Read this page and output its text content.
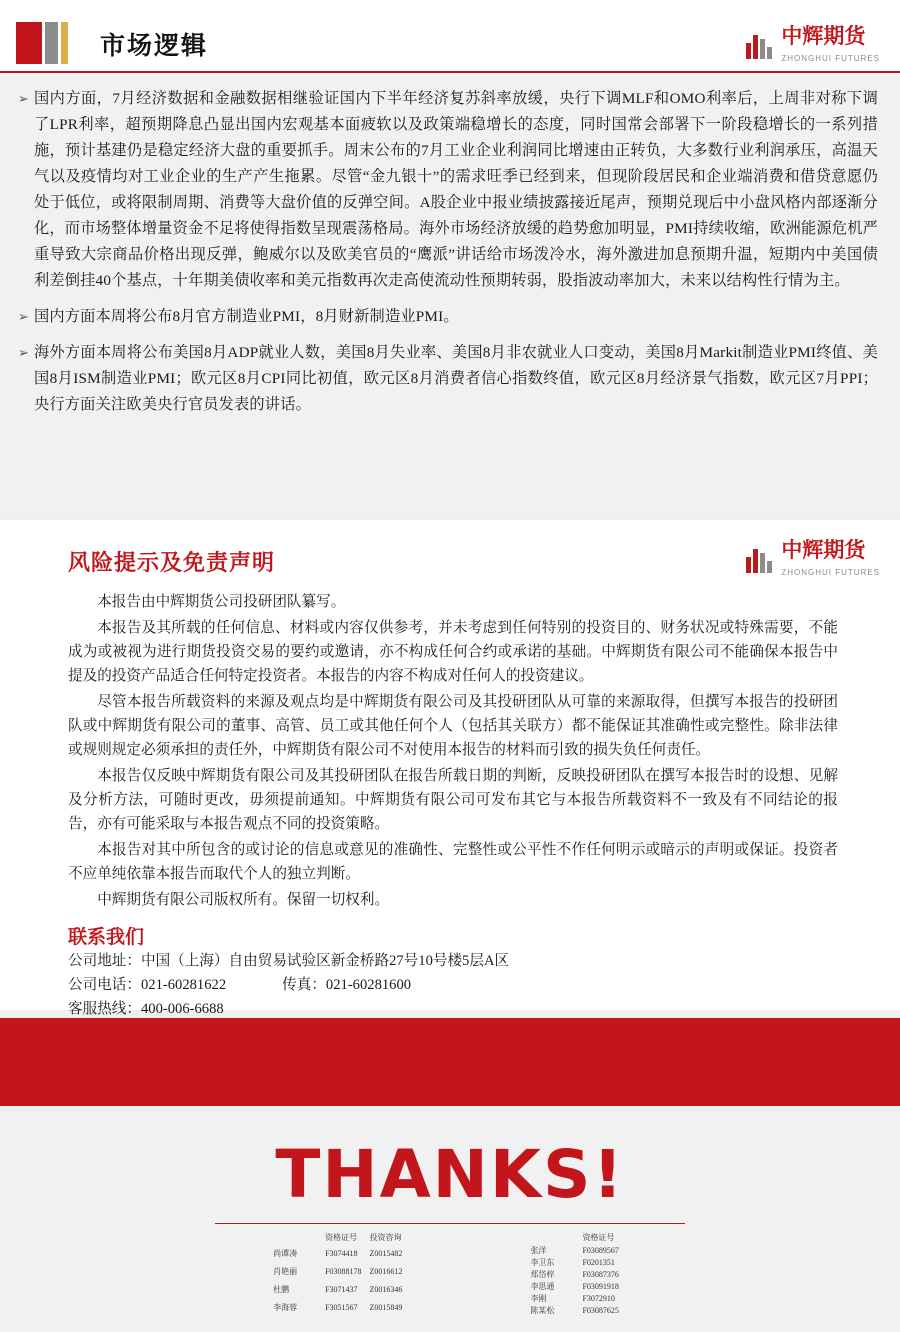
市场逻辑	中辉期货
ZHONGHUI FUTURES
➢ 国内方面，7月经济数据和金融数据相继验证国内下半年经济复苏斜率放缓，央行下调MLF和OMO利率后，上周非对称下调了LPR利率，超预期降息凸显出国内宏观基本面疲软以及政策端稳增长的态度，同时国常会部署下一阶段稳增长的一系列措施，预计基建仍是稳定经济大盘的重要抓手。周末公布的7月工业企业利润同比增速由正转负，大多数行业利润承压，高温天气以及疫情均对工业企业的生产产生拖累。尽管“金九银十”的需求旺季已经到来，但现阶段居民和企业端消费和借贷意愿仍处于低位，或将限制周期、消费等大盘价值的反弹空间。A股企业中报业绩披露接近尾声，预期兑现后中小盘风格内部逐渐分化，而市场整体增量资金不足将使得指数呈现震荡格局。海外市场经济放缓的趋势愈加明显，PMI持续收缩，欧洲能源危机严重导致大宗商品价格出现反弹，鲍威尔以及欧美官员的“鹰派”讲话给市场泼冷水，海外激进加息预期升温，短期内中美国债利差倒挂40个基点，十年期美债收率和美元指数再次走高使流动性预期转弱，股指波动率加大，未来以结构性行情为主。

➢ 国内方面本周将公布8月官方制造业PMI，8月财新制造业PMI。

➢ 海外方面本周将公布美国8月ADP就业人数，美国8月失业率、美国8月非农就业人口变动，美国8月Markit制造业PMI终值、美国8月ISM制造业PMI；欧元区8月CPI同比初值，欧元区8月消费者信心指数终值，欧元区8月经济景气指数，欧元区7月PPI；央行方面关注欧美央行官员发表的讲话。

中辉期货
ZHONGHUI FUTURES
风险提示及免责声明

本报告由中辉期货公司投研团队纂写。

本报告及其所载的任何信息、材料或内容仅供参考，并未考虑到任何特别的投资目的、财务状况或特殊需要，不能成为或被视为进行期货投资交易的要约或邀请，亦不构成任何合约或承诺的基础。中辉期货有限公司不能确保本报告中提及的投资产品适合任何特定投资者。本报告的内容不构成对任何人的投资建议。

尽管本报告所载资料的来源及观点均是中辉期货有限公司及其投研团队从可靠的来源取得，但撰写本报告的投研团队或中辉期货有限公司的董事、高管、员工或其他任何个人（包括其关联方）都不能保证其准确性或完整性。除非法律或规则规定必须承担的责任外，中辉期货有限公司不对使用本报告的材料而引致的损失负任何责任。

本报告仅反映中辉期货有限公司及其投研团队在报告所载日期的判断，反映投研团队在撰写本报告时的设想、见解及分析方法，可随时更改，毋须提前通知。中辉期货有限公司可发布其它与本报告所载资料不一致及有不同结论的报告，亦有可能采取与本报告观点不同的投资策略。

本报告对其中所包含的或讨论的信息或意见的准确性、完整性或公平性不作任何明示或暗示的声明或保证。投资者不应单纯依靠本报告而取代个人的独立判断。

中辉期货有限公司版权所有。保留一切权利。

联系我们
公司地址：中国（上海）自由贸易试验区新金桥路27号10号楼5层A区
公司电话：021-60281622	传真：021-60281600
客服热线：400-006-6688
THANKS!
	资格证号	投资咨询
尚谭凑	F3074418	Z0015482
肖艳丽	F03088178	Z0016612
杜鹏	F3071437	Z0016346
李海蓉	F3051567	Z0015849
	资格证号
张洋	F03089567
李卫东	F0201351
郑岱梓	F03087376
李思通	F03091918
李刚	F3072910
陈某松	F03087625
